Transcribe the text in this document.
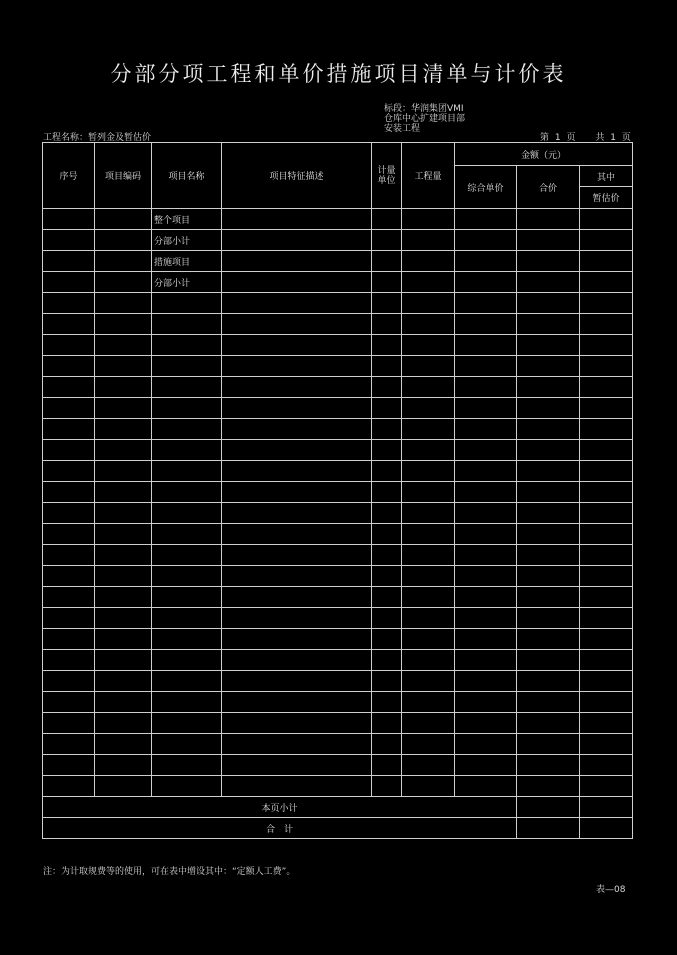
分部分项工程和单价措施项目清单与计价表
标段：华润集团VMI
仓库中心扩建项目部
安装工程
工程名称：暂列金及暂估价	第 1 页 共 1 页
序号	项目编码	项目名称	项目特征描述	计量单位	工程量	金额（元）		
						综合单价	合价	其中
								暂估价
		整个项目						
		分部小计						
		措施项目						
		分部小计						

本页小计								
合　计								
注：为计取规费等的使用，可在表中增设其中：“定额人工费”。
表—08
